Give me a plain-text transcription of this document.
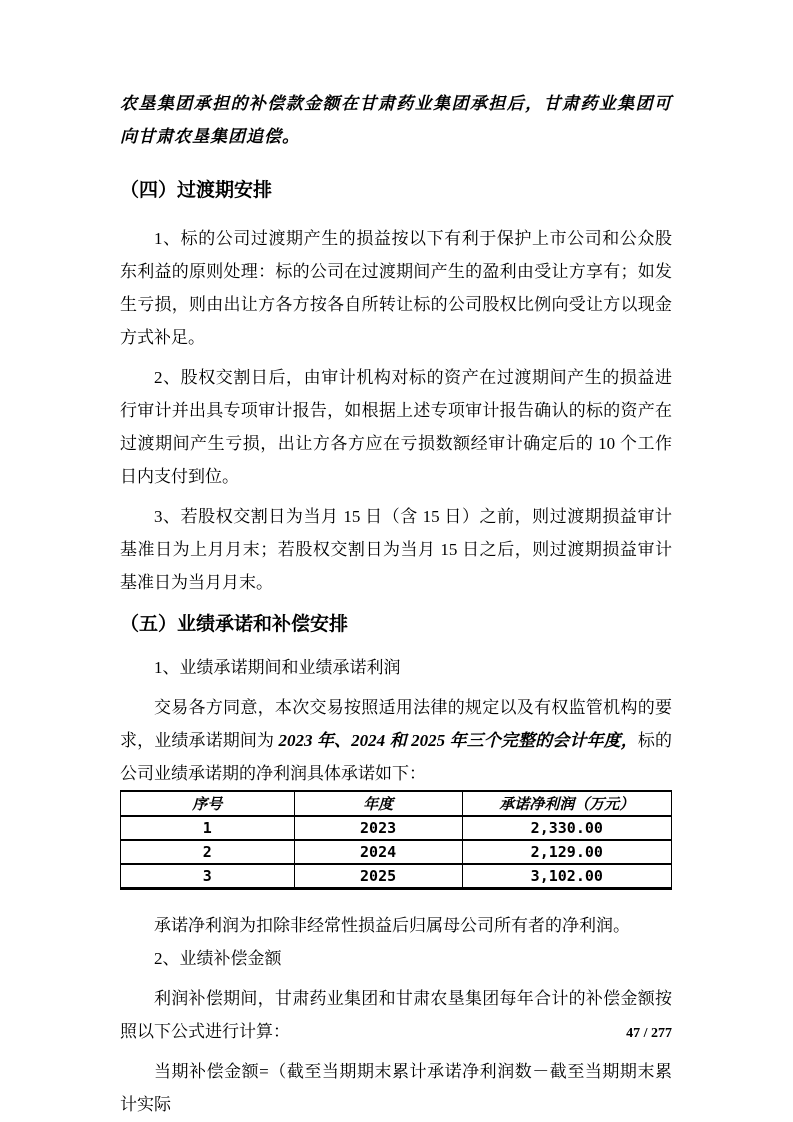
农垦集团承担的补偿款金额在甘肃药业集团承担后，甘肃药业集团可向甘肃农垦集团追偿。

（四）过渡期安排

1、标的公司过渡期产生的损益按以下有利于保护上市公司和公众股东利益的原则处理：标的公司在过渡期间产生的盈利由受让方享有；如发生亏损，则由出让方各方按各自所转让标的公司股权比例向受让方以现金方式补足。

2、股权交割日后，由审计机构对标的资产在过渡期间产生的损益进行审计并出具专项审计报告，如根据上述专项审计报告确认的标的资产在过渡期间产生亏损，出让方各方应在亏损数额经审计确定后的 10 个工作日内支付到位。

3、若股权交割日为当月 15 日（含 15 日）之前，则过渡期损益审计基准日为上月月末；若股权交割日为当月 15 日之后，则过渡期损益审计基准日为当月月末。

（五）业绩承诺和补偿安排

1、业绩承诺期间和业绩承诺利润

交易各方同意，本次交易按照适用法律的规定以及有权监管机构的要求，业绩承诺期间为 2023 年、2024 和 2025 年三个完整的会计年度，标的公司业绩承诺期的净利润具体承诺如下：

序号	年度	承诺净利润（万元）
1	2023	2,330.00
2	2024	2,129.00
3	2025	3,102.00

承诺净利润为扣除非经常性损益后归属母公司所有者的净利润。

2、业绩补偿金额

利润补偿期间，甘肃药业集团和甘肃农垦集团每年合计的补偿金额按照以下公式进行计算：

当期补偿金额=（截至当期期末累计承诺净利润数－截至当期期末累计实际

47 / 277
